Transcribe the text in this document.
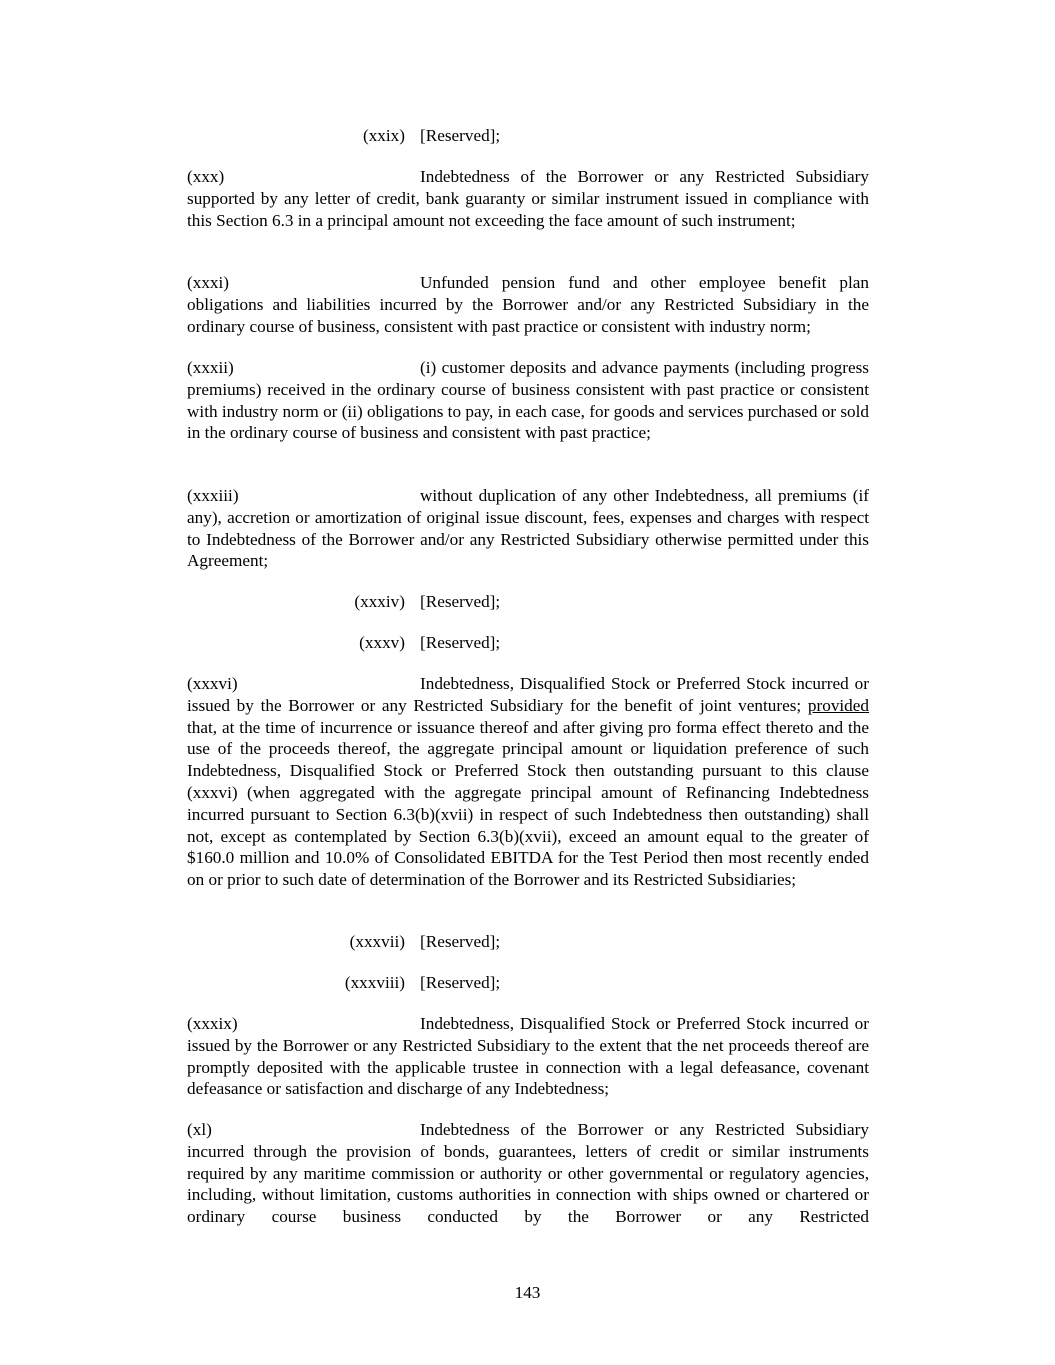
(xxix) [Reserved];
(xxx)	Indebtedness of the Borrower or any Restricted Subsidiary supported by any letter of credit, bank guaranty or similar instrument issued in compliance with this Section 6.3 in a principal amount not exceeding the face amount of such instrument;
(xxxi)	Unfunded pension fund and other employee benefit plan obligations and liabilities incurred by the Borrower and/or any Restricted Subsidiary in the ordinary course of business, consistent with past practice or consistent with industry norm;
(xxxii)	(i) customer deposits and advance payments (including progress premiums) received in the ordinary course of business consistent with past practice or consistent with industry norm or (ii) obligations to pay, in each case, for goods and services purchased or sold in the ordinary course of business and consistent with past practice;
(xxxiii)	without duplication of any other Indebtedness, all premiums (if any), accretion or amortization of original issue discount, fees, expenses and charges with respect to Indebtedness of the Borrower and/or any Restricted Subsidiary otherwise permitted under this Agreement;
(xxxiv) [Reserved];
(xxxv) [Reserved];
(xxxvi)	Indebtedness, Disqualified Stock or Preferred Stock incurred or issued by the Borrower or any Restricted Subsidiary for the benefit of joint ventures; provided that, at the time of incurrence or issuance thereof and after giving pro forma effect thereto and the use of the proceeds thereof, the aggregate principal amount or liquidation preference of such Indebtedness, Disqualified Stock or Preferred Stock then outstanding pursuant to this clause (xxxvi) (when aggregated with the aggregate principal amount of Refinancing Indebtedness incurred pursuant to Section 6.3(b)(xvii) in respect of such Indebtedness then outstanding) shall not, except as contemplated by Section 6.3(b)(xvii), exceed an amount equal to the greater of $160.0 million and 10.0% of Consolidated EBITDA for the Test Period then most recently ended on or prior to such date of determination of the Borrower and its Restricted Subsidiaries;
(xxxvii) [Reserved];
(xxxviii) [Reserved];
(xxxix)	Indebtedness, Disqualified Stock or Preferred Stock incurred or issued by the Borrower or any Restricted Subsidiary to the extent that the net proceeds thereof are promptly deposited with the applicable trustee in connection with a legal defeasance, covenant defeasance or satisfaction and discharge of any Indebtedness;
(xl)	Indebtedness of the Borrower or any Restricted Subsidiary incurred through the provision of bonds, guarantees, letters of credit or similar instruments required by any maritime commission or authority or other governmental or regulatory agencies, including, without limitation, customs authorities in connection with ships owned or chartered or ordinary course business conducted by the Borrower or any Restricted
143
